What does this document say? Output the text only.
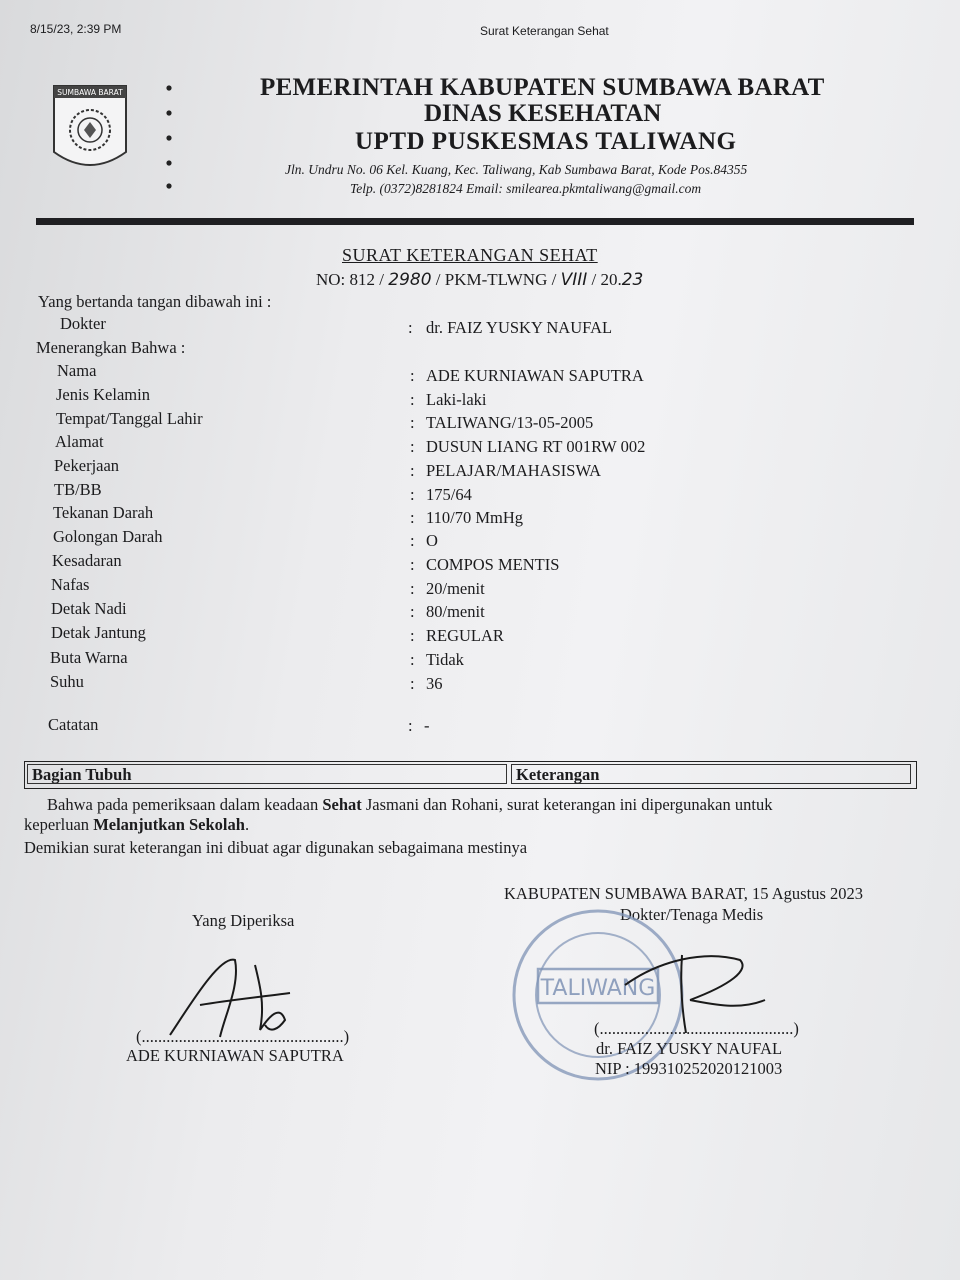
8/15/23, 2:39 PM	Surat Keterangan Sehat
SUMBAWA BARAT	PEMERINTAH KABUPATEN SUMBAWA BARAT
DINAS KESEHATAN
UPTD PUSKESMAS TALIWANG
Jln. Undru No. 06 Kel. Kuang, Kec. Taliwang, Kab Sumbawa Barat, Kode Pos.84355
Telp. (0372)8281824 Email: smilearea.pkmtaliwang@gmail.com
SURAT KETERANGAN SEHAT
NO: 812 / 2980 / PKM-TLWNG / VIII / 20.23
Yang bertanda tangan dibawah ini :
Dokter	: dr. FAIZ YUSKY NAUFAL
Menerangkan Bahwa :
Nama	: ADE KURNIAWAN SAPUTRA
Jenis Kelamin	: Laki-laki
Tempat/Tanggal Lahir	: TALIWANG/13-05-2005
Alamat	: DUSUN LIANG RT 001RW 002
Pekerjaan	: PELAJAR/MAHASISWA
TB/BB	: 175/64
Tekanan Darah	: 110/70 MmHg
Golongan Darah	: O
Kesadaran	: COMPOS MENTIS
Nafas	: 20/menit
Detak Nadi	: 80/menit
Detak Jantung	: REGULAR
Buta Warna	: Tidak
Suhu	: 36
Catatan	: -
Bagian Tubuh	Keterangan
Bahwa pada pemeriksaan dalam keadaan Sehat Jasmani dan Rohani, surat keterangan ini dipergunakan untuk
keperluan Melanjutkan Sekolah.
Demikian surat keterangan ini dibuat agar digunakan sebagaimana mestinya
KABUPATEN SUMBAWA BARAT, 15 Agustus 2023
Dokter/Tenaga Medis
TALIWANG
Yang Diperiksa
(.................................................)
ADE KURNIAWAN SAPUTRA
(...............................................)
dr. FAIZ YUSKY NAUFAL
NIP : 199310252020121003
